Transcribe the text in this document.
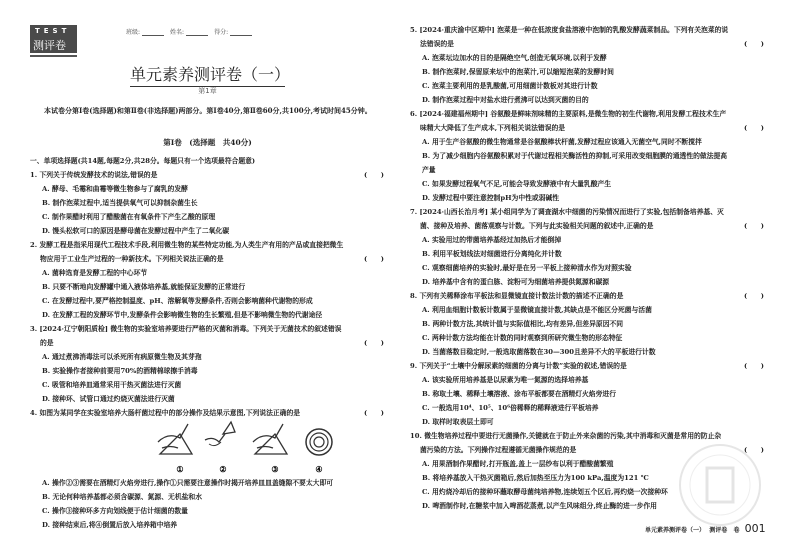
TEST
测评卷
班级:	姓名:	得分:
单元素养测评卷（一）
第1章
本试卷分第Ⅰ卷(选择题)和第Ⅱ卷(非选择题)两部分。第Ⅰ卷40分,第Ⅱ卷60分,共100分,考试时间45分钟。
第Ⅰ卷　(选择题　共40分)
一、单项选择题(共14题,每题2分,共28分。每题只有一个选项最符合题意)
1. 下列关于传统发酵技术的说法,错误的是	(　　)
A. 酵母、毛霉和曲霉等微生物参与了腐乳的发酵
B. 制作泡菜过程中,适当提供氧气可以抑制杂菌生长
C. 制作果醋时利用了醋酸菌在有氧条件下产生乙酸的原理
D. 馒头松软可口的原因是酵母菌在发酵过程中产生了二氧化碳
2. 发酵工程是指采用现代工程技术手段,利用微生物的某些特定功能,为人类生产有用的产品或直接把微生
物应用于工业生产过程的一种新技术。下列相关说法正确的是	(　　)
A. 菌种选育是发酵工程的中心环节
B. 只要不断地向发酵罐中通入液体培养基,就能保证发酵的正常进行
C. 在发酵过程中,要严格控制温度、pH、溶解氧等发酵条件,否则会影响菌种代谢物的形成
D. 在发酵工程的发酵环节中,发酵条件会影响微生物的生长繁殖,但是不影响微生物的代谢途径
3. [2024·辽宁朝阳质检] 微生物的实验室培养要进行严格的灭菌和消毒。下列关于无菌技术的叙述错误
的是	(　　)
A. 通过煮沸消毒法可以杀死所有病原微生物及其芽孢
B. 实验操作者接种前要用70%的酒精棉球擦手消毒
C. 吸管和培养皿通常采用干热灭菌法进行灭菌
D. 接种环、试管口通过灼烧灭菌法进行灭菌
4. 如图为某同学在实验室培养大肠杆菌过程中的部分操作及结果示意图,下列说法正确的是	(　　)
①	②	③	④
A. 操作②③需要在酒精灯火焰旁进行,操作①只需要注意操作时揭开培养皿皿盖缝隙不要太大即可
B. 无论何种培养基都必须含碳源、氮源、无机盐和水
C. 操作③接种环多方向划线便于估计细菌的数量
D. 接种结束后,将④倒置后放入培养箱中培养
5. [2024·重庆渝中区期中] 泡菜是一种在低浓度食盐溶液中泡制的乳酸发酵蔬菜制品。下列有关泡菜的说
法错误的是	(　　)
A. 泡菜坛边加水的目的是隔绝空气,创造无氧环境,以利于发酵
B. 制作泡菜时,保留原来坛中的泡菜汁,可以缩短泡菜的发酵时间
C. 泡菜主要利用的是乳酸菌,可用细菌计数板对其进行计数
D. 制作泡菜过程中对盐水进行煮沸可以达到灭菌的目的
6. [2024·福建福州期中] 谷氨酸是鲜味剂味精的主要原料,是微生物的初生代谢物,利用发酵工程技术生产
味精大大降低了生产成本,下列相关说法错误的是	(　　)
A. 用于生产谷氨酸的微生物通常是谷氨酸棒状杆菌,发酵过程应该通入无菌空气,同时不断搅拌
B. 为了减少细胞内谷氨酸积累对于代谢过程相关酶活性的抑制,可采用改变细胞膜的通透性的做法提高
产量
C. 如果发酵过程氧气不足,可能会导致发酵液中有大量乳酸产生
D. 发酵过程中要注意控制pH为中性或弱碱性
7. [2024·山西长治月考] 某小组同学为了调查湖水中细菌的污染情况而进行了实验,包括制备培养基、灭
菌、接种及培养、菌落观察与计数。下列与此实验相关问题的叙述中,正确的是	(　　)
A. 实验用过的带菌培养基经过加热后才能倒掉
B. 利用平板划线法对细菌进行分离纯化并计数
C. 观察细菌培养的实验时,最好是在另一平板上接种清水作为对照实验
D. 培养基中含有的蛋白胨、淀粉可为细菌培养提供氮源和碳源
8. 下列有关稀释涂布平板法和显微镜直接计数法计数的描述不正确的是	(　　)
A. 利用血细胞计数板计数属于显微镜直接计数,其缺点是不能区分死菌与活菌
B. 两种计数方法,其统计值与实际值相比,均有差异,但差异原因不同
C. 两种计数方法均能在计数的同时观察到所研究微生物的形态特征
D. 当菌落数目稳定时,一般选取菌落数在30—300且差异不大的平板进行计数
9. 下列关于“土壤中分解尿素的细菌的分离与计数”实验的叙述,错误的是	(　　)
A. 该实验所用培养基是以尿素为唯一氮源的选择培养基
B. 称取土壤、稀释土壤溶液、涂布平板都要在酒精灯火焰旁进行
C. 一般选用10⁴、10⁵、10⁶倍稀释的稀释液进行平板培养
D. 取样时取表层土即可
10. 微生物培养过程中要进行无菌操作,关键就在于防止外来杂菌的污染,其中消毒和灭菌是常用的防止杂
菌污染的方法。下列操作过程遵循无菌操作规范的是	(　　)
A. 用果酒制作果醋时,打开瓶盖,盖上一层纱布以利于醋酸菌繁殖
B. 将培养基放入干热灭菌箱后,然后加热至压力为100 kPa,温度为121 ℃
C. 用灼烧冷却后的接种环蘸取酵母菌纯培养物,连续划五个区后,再灼烧一次接种环
D. 啤酒制作时,在糖浆中加入啤酒花蒸煮,以产生风味组分,终止酶的进一步作用
单元素养测评卷（一） 测评卷 卷 001
